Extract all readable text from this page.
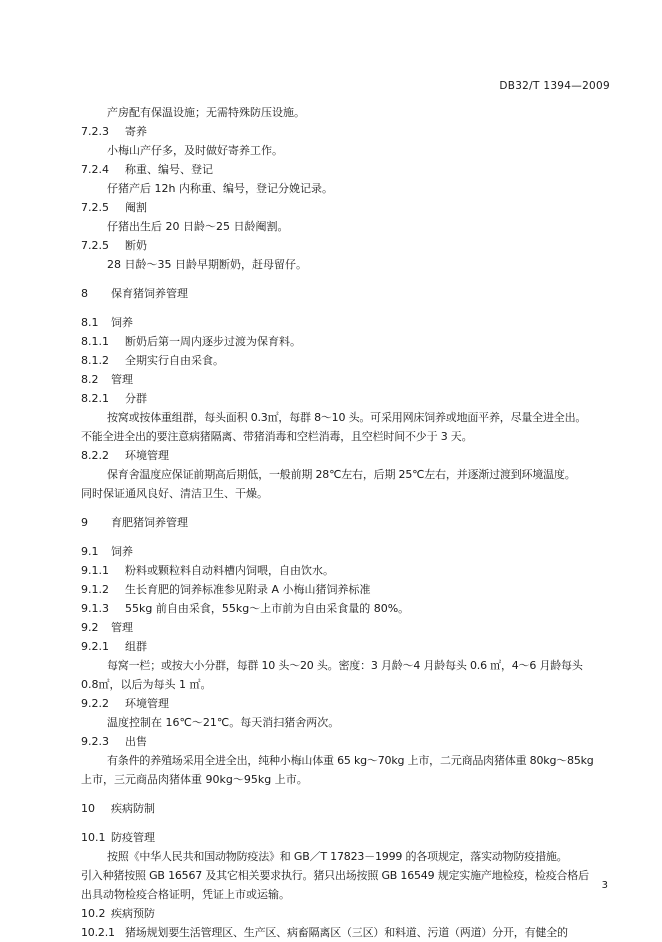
DB32/T 1394—2009
产房配有保温设施；无需特殊防压设施。
7.2.3 寄养
小梅山产仔多，及时做好寄养工作。
7.2.4 称重、编号、登记
仔猪产后 12h 内称重、编号，登记分娩记录。
7.2.5 阉割
仔猪出生后 20 日龄～25 日龄阉割。
7.2.5 断奶
28 日龄～35 日龄早期断奶，赶母留仔。
8 保育猪饲养管理
8.1 饲养
8.1.1 断奶后第一周内逐步过渡为保育料。
8.1.2 全期实行自由采食。
8.2 管理
8.2.1 分群
按窝或按体重组群，每头面积 0.3㎡，每群 8～10 头。可采用网床饲养或地面平养，尽量全进全出。
不能全进全出的要注意病猪隔离、带猪消毒和空栏消毒，且空栏时间不少于 3 天。
8.2.2 环境管理
保育舍温度应保证前期高后期低，一般前期 28℃左右，后期 25℃左右，并逐渐过渡到环境温度。
同时保证通风良好、清洁卫生、干燥。
9 育肥猪饲养管理
9.1 饲养
9.1.1 粉料或颗粒料自动料槽内饲喂，自由饮水。
9.1.2 生长育肥的饲养标准参见附录 A 小梅山猪饲养标准
9.1.3 55kg 前自由采食，55kg～上市前为自由采食量的 80%。
9.2 管理
9.2.1 组群
每窝一栏；或按大小分群，每群 10 头～20 头。密度：3 月龄～4 月龄每头 0.6 ㎡，4～6 月龄每头
0.8㎡，以后为每头 1 ㎡。
9.2.2 环境管理
温度控制在 16℃～21℃。每天消扫猪舍两次。
9.2.3 出售
有条件的养殖场采用全进全出，纯种小梅山体重 65 kg～70kg 上市，二元商品肉猪体重 80kg～85kg
上市，三元商品肉猪体重 90kg～95kg 上市。
10 疾病防制
10.1 防疫管理
按照《中华人民共和国动物防疫法》和 GB／T 17823－1999 的各项规定，落实动物防疫措施。
引入种猪按照 GB 16567 及其它相关要求执行。猪只出场按照 GB 16549 规定实施产地检疫，检疫合格后
出具动物检疫合格证明，凭证上市或运输。
10.2 疾病预防
10.2.1 猪场规划要生活管理区、生产区、病畜隔离区（三区）和料道、污道（两道）分开，有健全的
3
